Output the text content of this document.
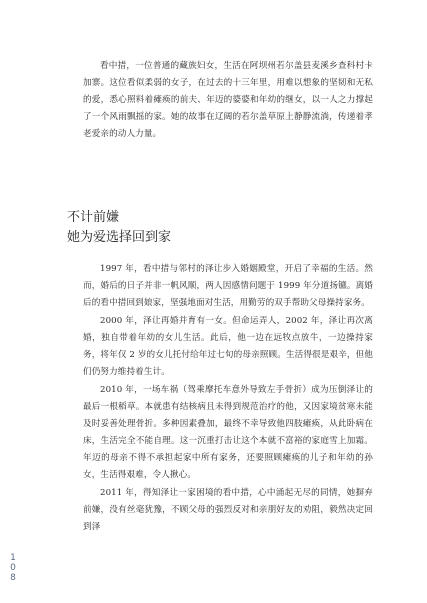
看中措，一位普通的藏族妇女，生活在阿坝州若尔盖县麦溪乡查科村卡加寨。这位看似柔弱的女子，在过去的十三年里，用难以想象的坚韧和无私的爱，悉心照料着瘫痪的前夫、年迈的婆婆和年幼的继女，以一人之力撑起了一个风雨飘摇的家。她的故事在辽阔的若尔盖草原上静静流淌，传递着孝老爱亲的动人力量。

不计前嫌
她为爱选择回到家

1997 年，看中措与邻村的泽让步入婚姻殿堂，开启了幸福的生活。然而，婚后的日子并非一帆风顺，两人因感情问题于 1999 年分道扬镳。离婚后的看中措回到娘家，坚强地面对生活，用勤劳的双手帮助父母操持家务。

2000 年，泽让再婚并育有一女。但命运弄人，2002 年，泽让再次离婚，独自带着年幼的女儿生活。此后，他一边在远牧点放牛，一边操持家务，将年仅 2 岁的女儿托付给年过七旬的母亲照顾。生活得很是艰辛，但他们仍努力维持着生计。

2010 年，一场车祸（驾乘摩托车意外导致左手骨折）成为压倒泽让的最后一根稻草。本就患有结核病且未得到规范治疗的他，又因家境贫寒未能及时妥善处理骨折。多种因素叠加，最终不幸导致他四肢瘫痪，从此卧病在床，生活完全不能自理。这一沉重打击让这个本就不富裕的家庭雪上加霜。年迈的母亲不得不承担起家中所有家务，还要照顾瘫痪的儿子和年幼的孙女，生活得艰难，令人揪心。

2011 年，得知泽让一家困境的看中措，心中涌起无尽的同情，她摒弃前嫌，没有丝毫犹豫，不顾父母的强烈反对和亲朋好友的劝阻，毅然决定回到泽

108
